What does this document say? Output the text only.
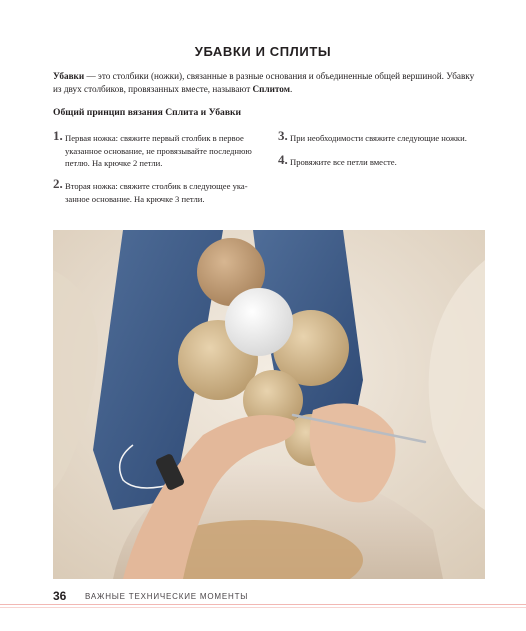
УБАВКИ И СПЛИТЫ

Убавки — это столбики (ножки), связанные в разные основания и объединенные общей вершиной. Убавку из двух столбиков, провязанных вместе, называют Сплитом.

Общий принцип вязания Сплита и Убавки
1. Первая ножка: свяжите первый столбик в первое
указанное основание, не провязывайте последнюю
петлю. На крючке 2 петли.
2. Вторая ножка: свяжите столбик в следующее ука-
занное основание. На крючке 3 петли.
3. При необходимости свяжите следующие ножки.
4. Провяжите все петли вместе.
36 ВАЖНЫЕ ТЕХНИЧЕСКИЕ МОМЕНТЫ
